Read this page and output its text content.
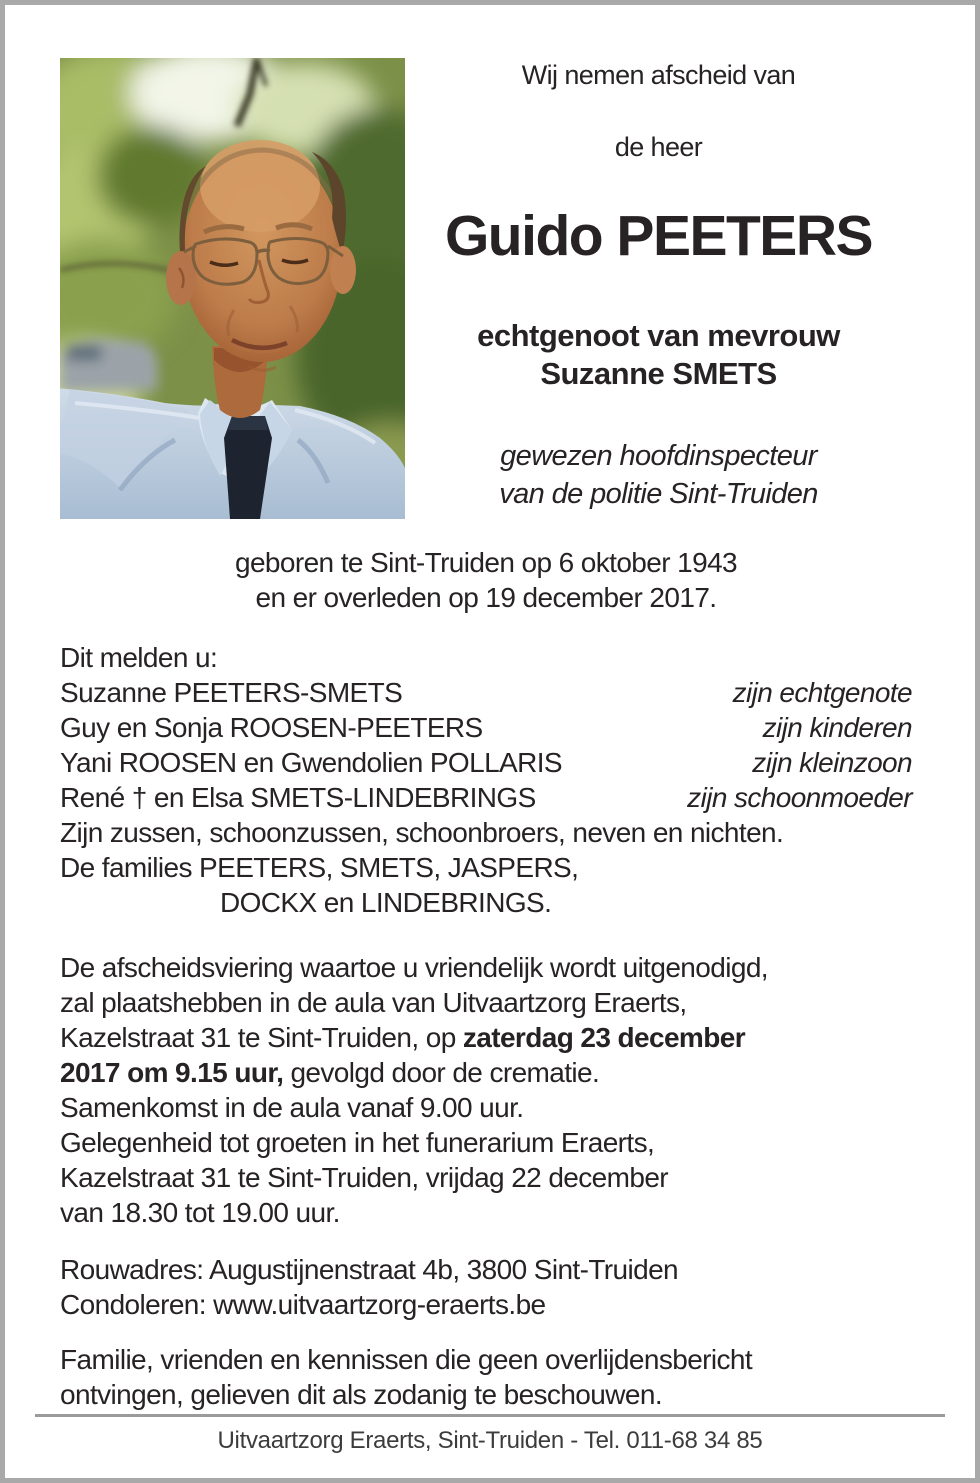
Wij nemen afscheid van
de heer
Guido PEETERS
echtgenoot van mevrouw
Suzanne SMETS
gewezen hoofdinspecteur
van de politie Sint-Truiden
geboren te Sint-Truiden op 6 oktober 1943
en er overleden op 19 december 2017.
Dit melden u:
Suzanne PEETERS-SMETS	zijn echtgenote
Guy en Sonja ROOSEN-PEETERS	zijn kinderen
Yani ROOSEN en Gwendolien POLLARIS	zijn kleinzoon
René † en Elsa SMETS-LINDEBRINGS	zijn schoonmoeder
Zijn zussen, schoonzussen, schoonbroers, neven en nichten.
De families PEETERS, SMETS, JASPERS,
DOCKX en LINDEBRINGS.
De afscheidsviering waartoe u vriendelijk wordt uitgenodigd,
zal plaatshebben in de aula van Uitvaartzorg Eraerts,
Kazelstraat 31 te Sint-Truiden, op zaterdag 23 december
2017 om 9.15 uur, gevolgd door de crematie.
Samenkomst in de aula vanaf 9.00 uur.
Gelegenheid tot groeten in het funerarium Eraerts,
Kazelstraat 31 te Sint-Truiden, vrijdag 22 december
van 18.30 tot 19.00 uur.
Rouwadres: Augustijnenstraat 4b, 3800 Sint-Truiden
Condoleren: www.uitvaartzorg-eraerts.be
Familie, vrienden en kennissen die geen overlijdensbericht
ontvingen, gelieven dit als zodanig te beschouwen.
Uitvaartzorg Eraerts, Sint-Truiden - Tel. 011-68 34 85
